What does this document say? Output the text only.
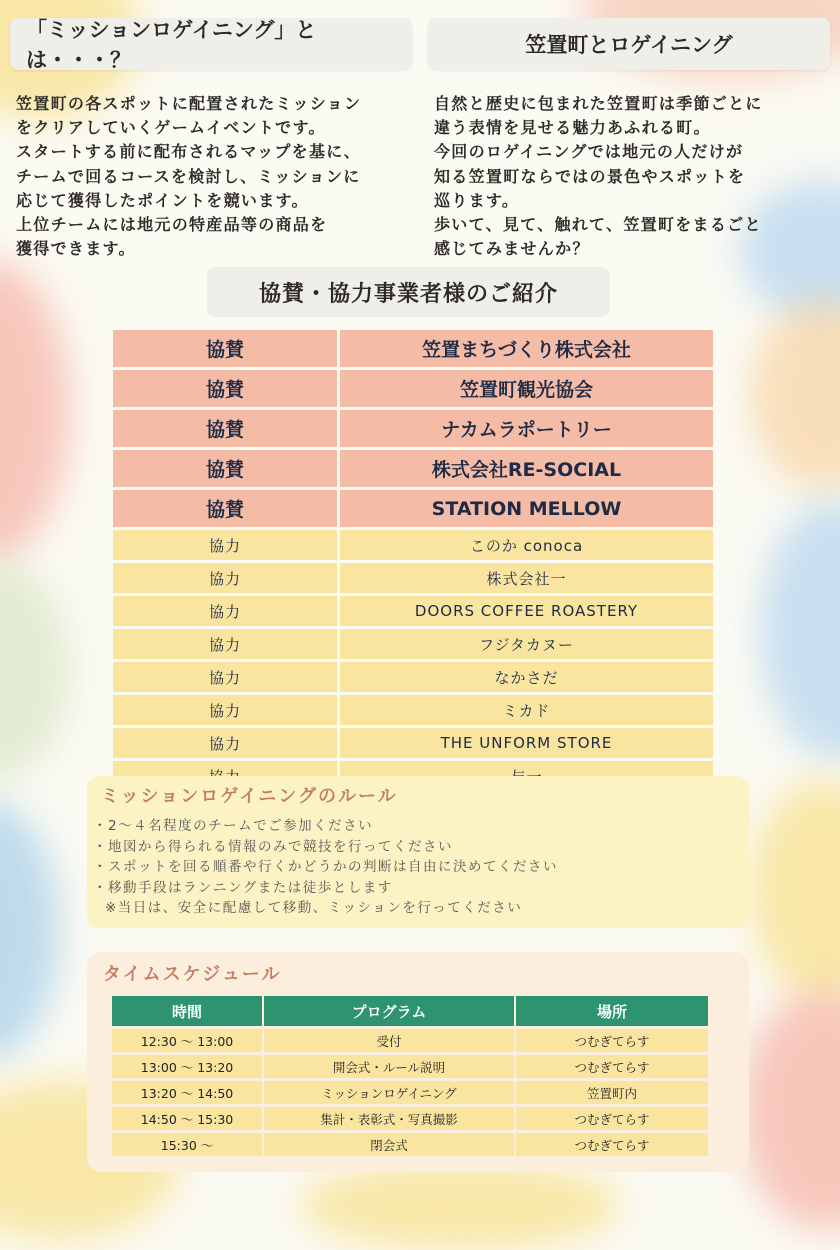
「ミッションロゲイニング」とは・・・？
笠置町とロゲイニング

笠置町の各スポットに配置されたミッション

をクリアしていくゲームイベントです。

スタートする前に配布されるマップを基に、

チームで回るコースを検討し、ミッションに

応じて獲得したポイントを競います。

上位チームには地元の特産品等の商品を

獲得できます。

自然と歴史に包まれた笠置町は季節ごとに

違う表情を見せる魅力あふれる町。

今回のロゲイニングでは地元の人だけが

知る笠置町ならではの景色やスポットを

巡ります。

歩いて、見て、触れて、笠置町をまるごと

感じてみませんか？

協賛・協力事業者様のご紹介
協賛	笠置まちづくり株式会社
協賛	笠置町観光協会
協賛	ナカムラポートリー
協賛	株式会社RE-SOCIAL
協賛	STATION MELLOW
協力	このか conoca
協力	株式会社一
協力	DOORS COFFEE ROASTERY
協力	フジタカヌー
協力	なかさだ
協力	ミカド
協力	THE UNFORM STORE

ミッションロゲイニングのルール
・2～４名程度のチームでご参加ください
・地図から得られる情報のみで競技を行ってください
・スポットを回る順番や行くかどうかの判断は自由に決めてください
・移動手段はランニングまたは徒歩とします
※当日は、安全に配慮して移動、ミッションを行ってください
タイムスケジュール
時間	プログラム	場所
12:30 ～ 13:00	受付	つむぎてらす
13:00 ～ 13:20	開会式・ルール説明	つむぎてらす
13:20 ～ 14:50	ミッションロゲイニング	笠置町内
14:50 ～ 15:30	集計・表彰式・写真撮影	つむぎてらす
15:30 ～	閉会式	つむぎてらす
